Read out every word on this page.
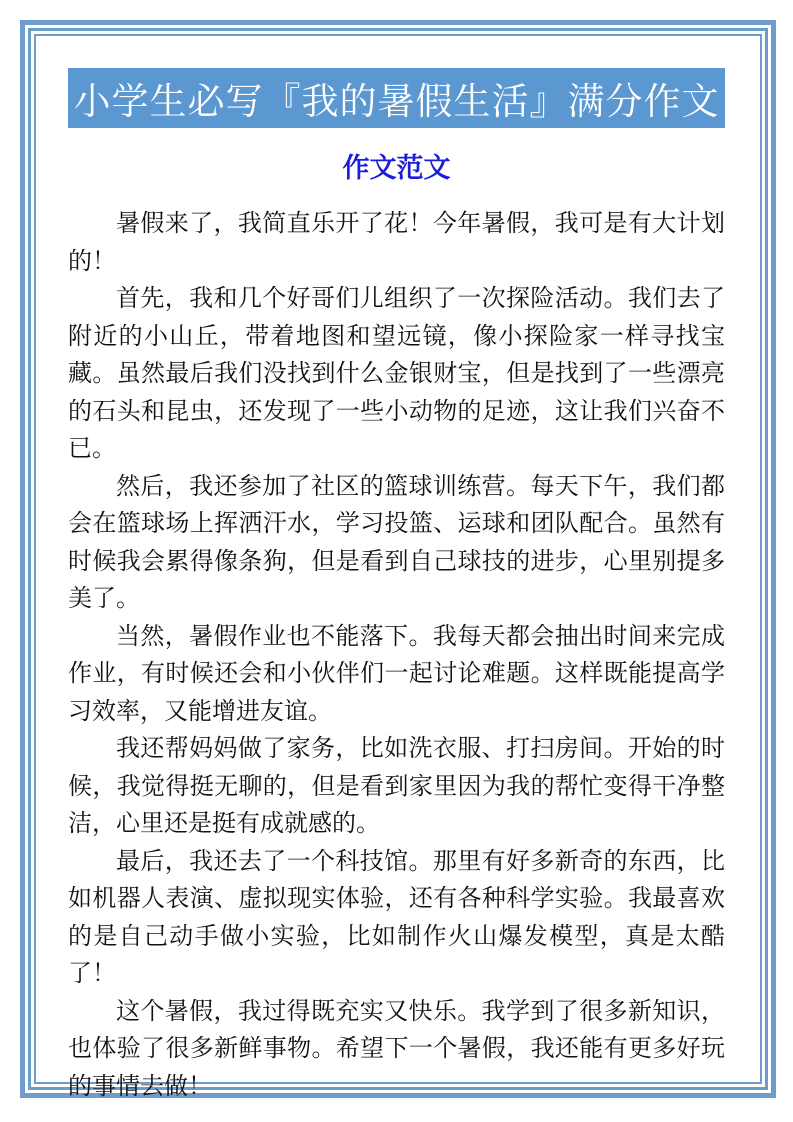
小学生必写『我的暑假生活』满分作文
作文范文

暑假来了，我简直乐开了花！今年暑假，我可是有大计划的！

首先，我和几个好哥们儿组织了一次探险活动。我们去了附近的小山丘，带着地图和望远镜，像小探险家一样寻找宝藏。虽然最后我们没找到什么金银财宝，但是找到了一些漂亮的石头和昆虫，还发现了一些小动物的足迹，这让我们兴奋不已。

然后，我还参加了社区的篮球训练营。每天下午，我们都会在篮球场上挥洒汗水，学习投篮、运球和团队配合。虽然有时候我会累得像条狗，但是看到自己球技的进步，心里别提多美了。

当然，暑假作业也不能落下。我每天都会抽出时间来完成作业，有时候还会和小伙伴们一起讨论难题。这样既能提高学习效率，又能增进友谊。

我还帮妈妈做了家务，比如洗衣服、打扫房间。开始的时候，我觉得挺无聊的，但是看到家里因为我的帮忙变得干净整洁，心里还是挺有成就感的。

最后，我还去了一个科技馆。那里有好多新奇的东西，比如机器人表演、虚拟现实体验，还有各种科学实验。我最喜欢的是自己动手做小实验，比如制作火山爆发模型，真是太酷了！

这个暑假，我过得既充实又快乐。我学到了很多新知识，也体验了很多新鲜事物。希望下一个暑假，我还能有更多好玩的事情去做！
